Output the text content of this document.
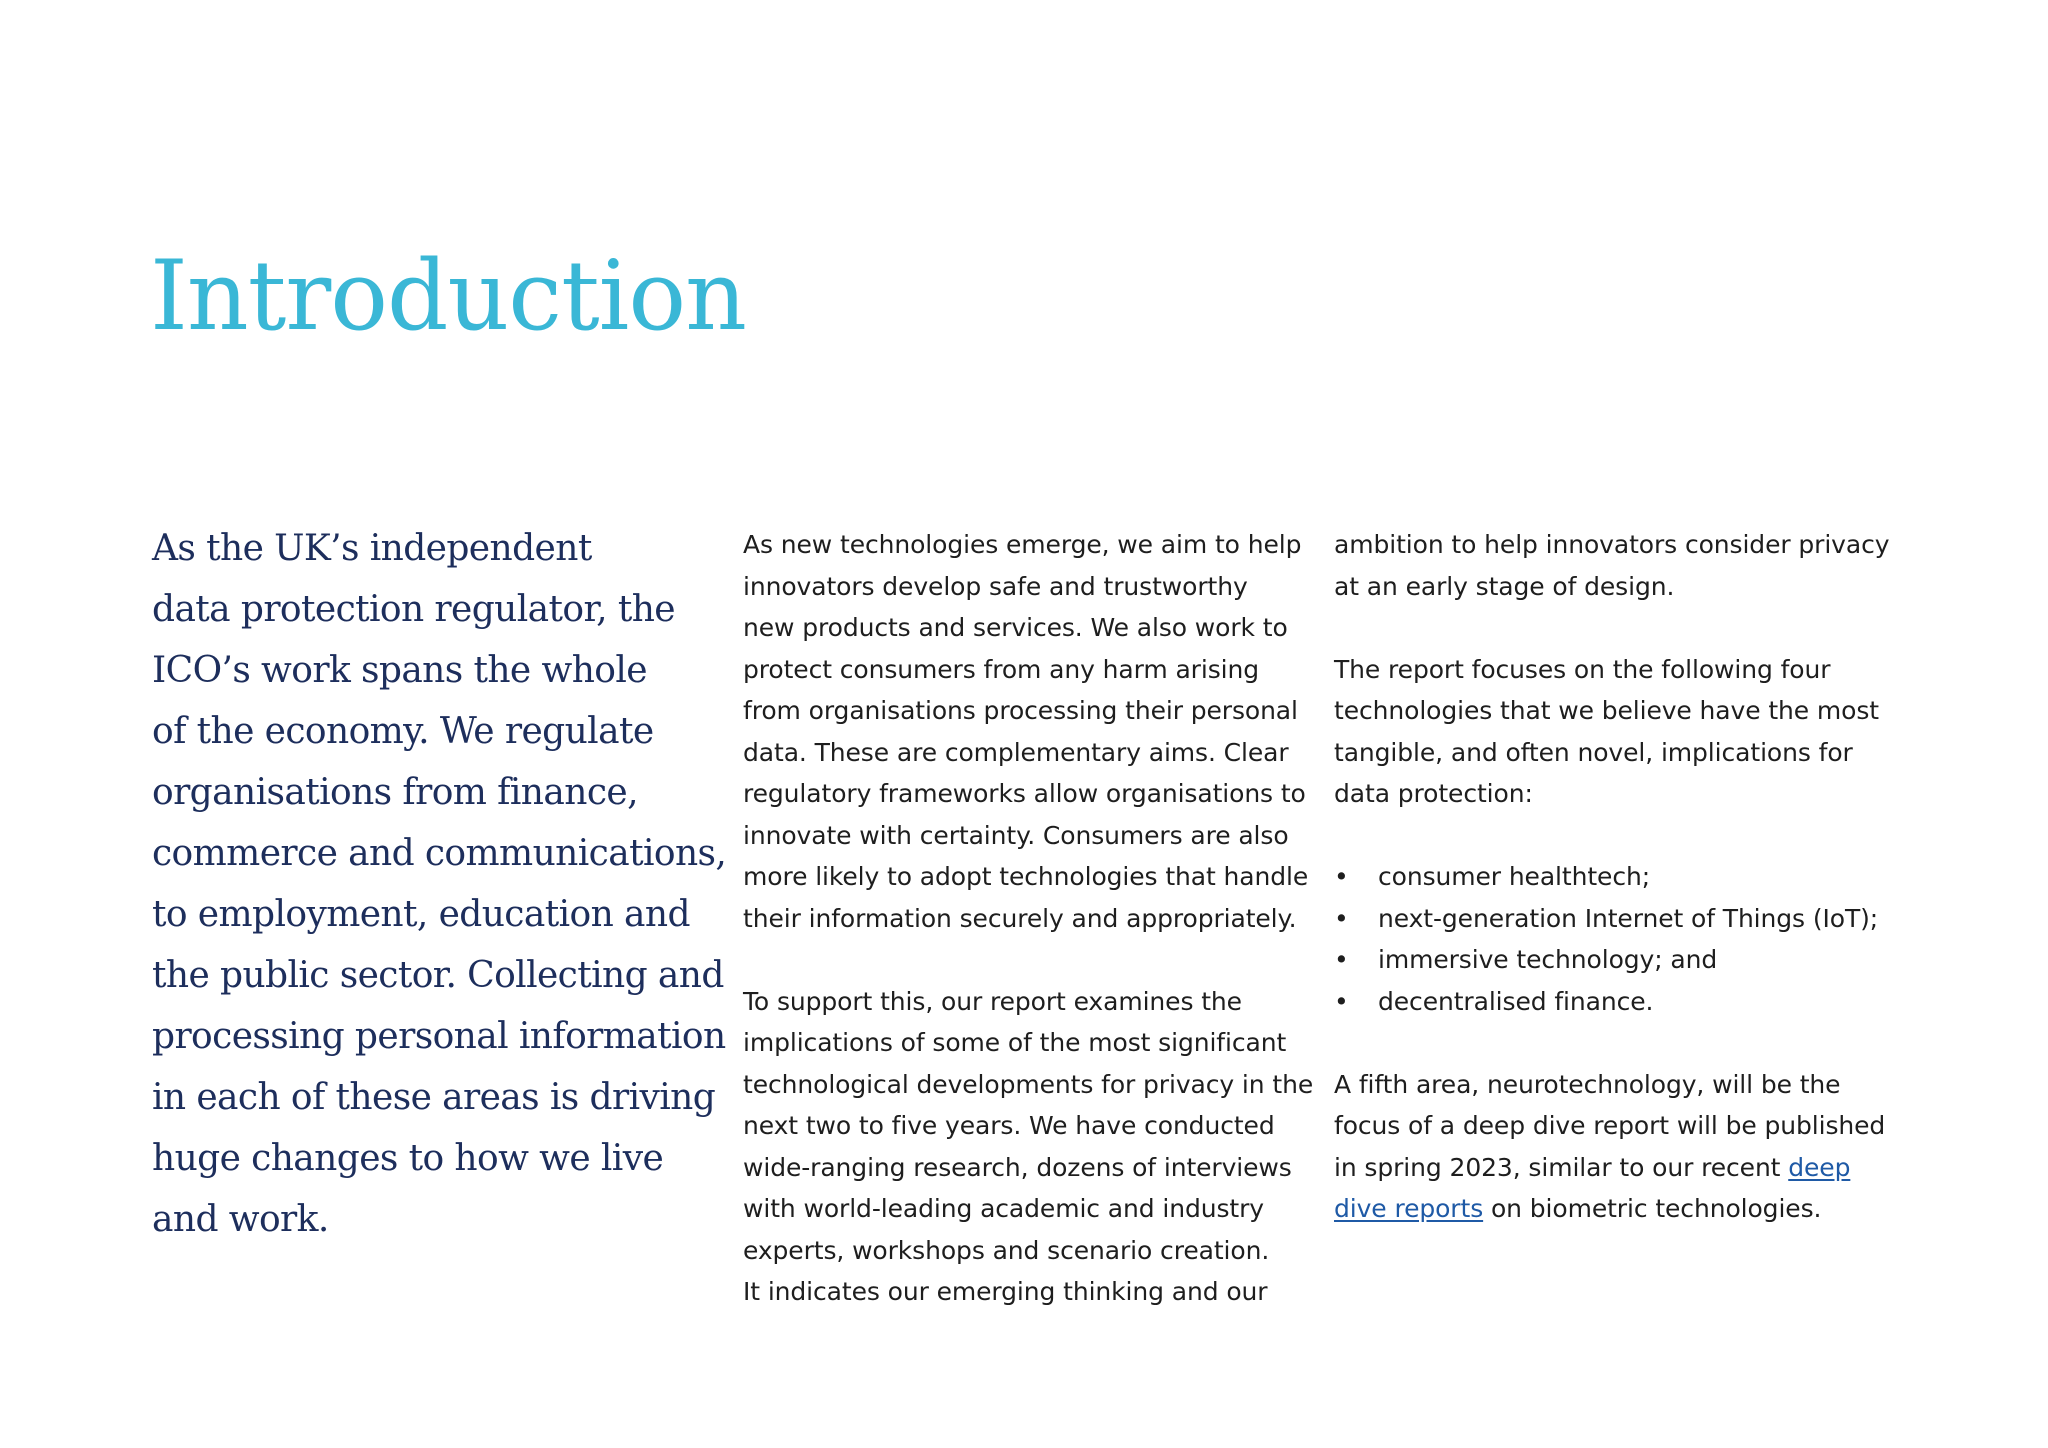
Introduction

As the UK’s independent
data protection regulator, the
ICO’s work spans the whole
of the economy. We regulate
organisations from finance,
commerce and communications,
to employment, education and
the public sector. Collecting and
processing personal information
in each of these areas is driving
huge changes to how we live
and work.

As new technologies emerge, we aim to help
innovators develop safe and trustworthy
new products and services. We also work to
protect consumers from any harm arising
from organisations processing their personal
data. These are complementary aims. Clear
regulatory frameworks allow organisations to
innovate with certainty. Consumers are also
more likely to adopt technologies that handle
their information securely and appropriately.
To support this, our report examines the
implications of some of the most significant
technological developments for privacy in the
next two to five years. We have conducted
wide-ranging research, dozens of interviews
with world-leading academic and industry
experts, workshops and scenario creation.
It indicates our emerging thinking and our
ambition to help innovators consider privacy
at an early stage of design.
The report focuses on the following four
technologies that we believe have the most
tangible, and often novel, implications for
data protection:
• consumer healthtech;
• next-generation Internet of Things (IoT);
• immersive technology; and
• decentralised finance.
A fifth area, neurotechnology, will be the
focus of a deep dive report will be published
in spring 2023, similar to our recent deep
dive reports on biometric technologies.
